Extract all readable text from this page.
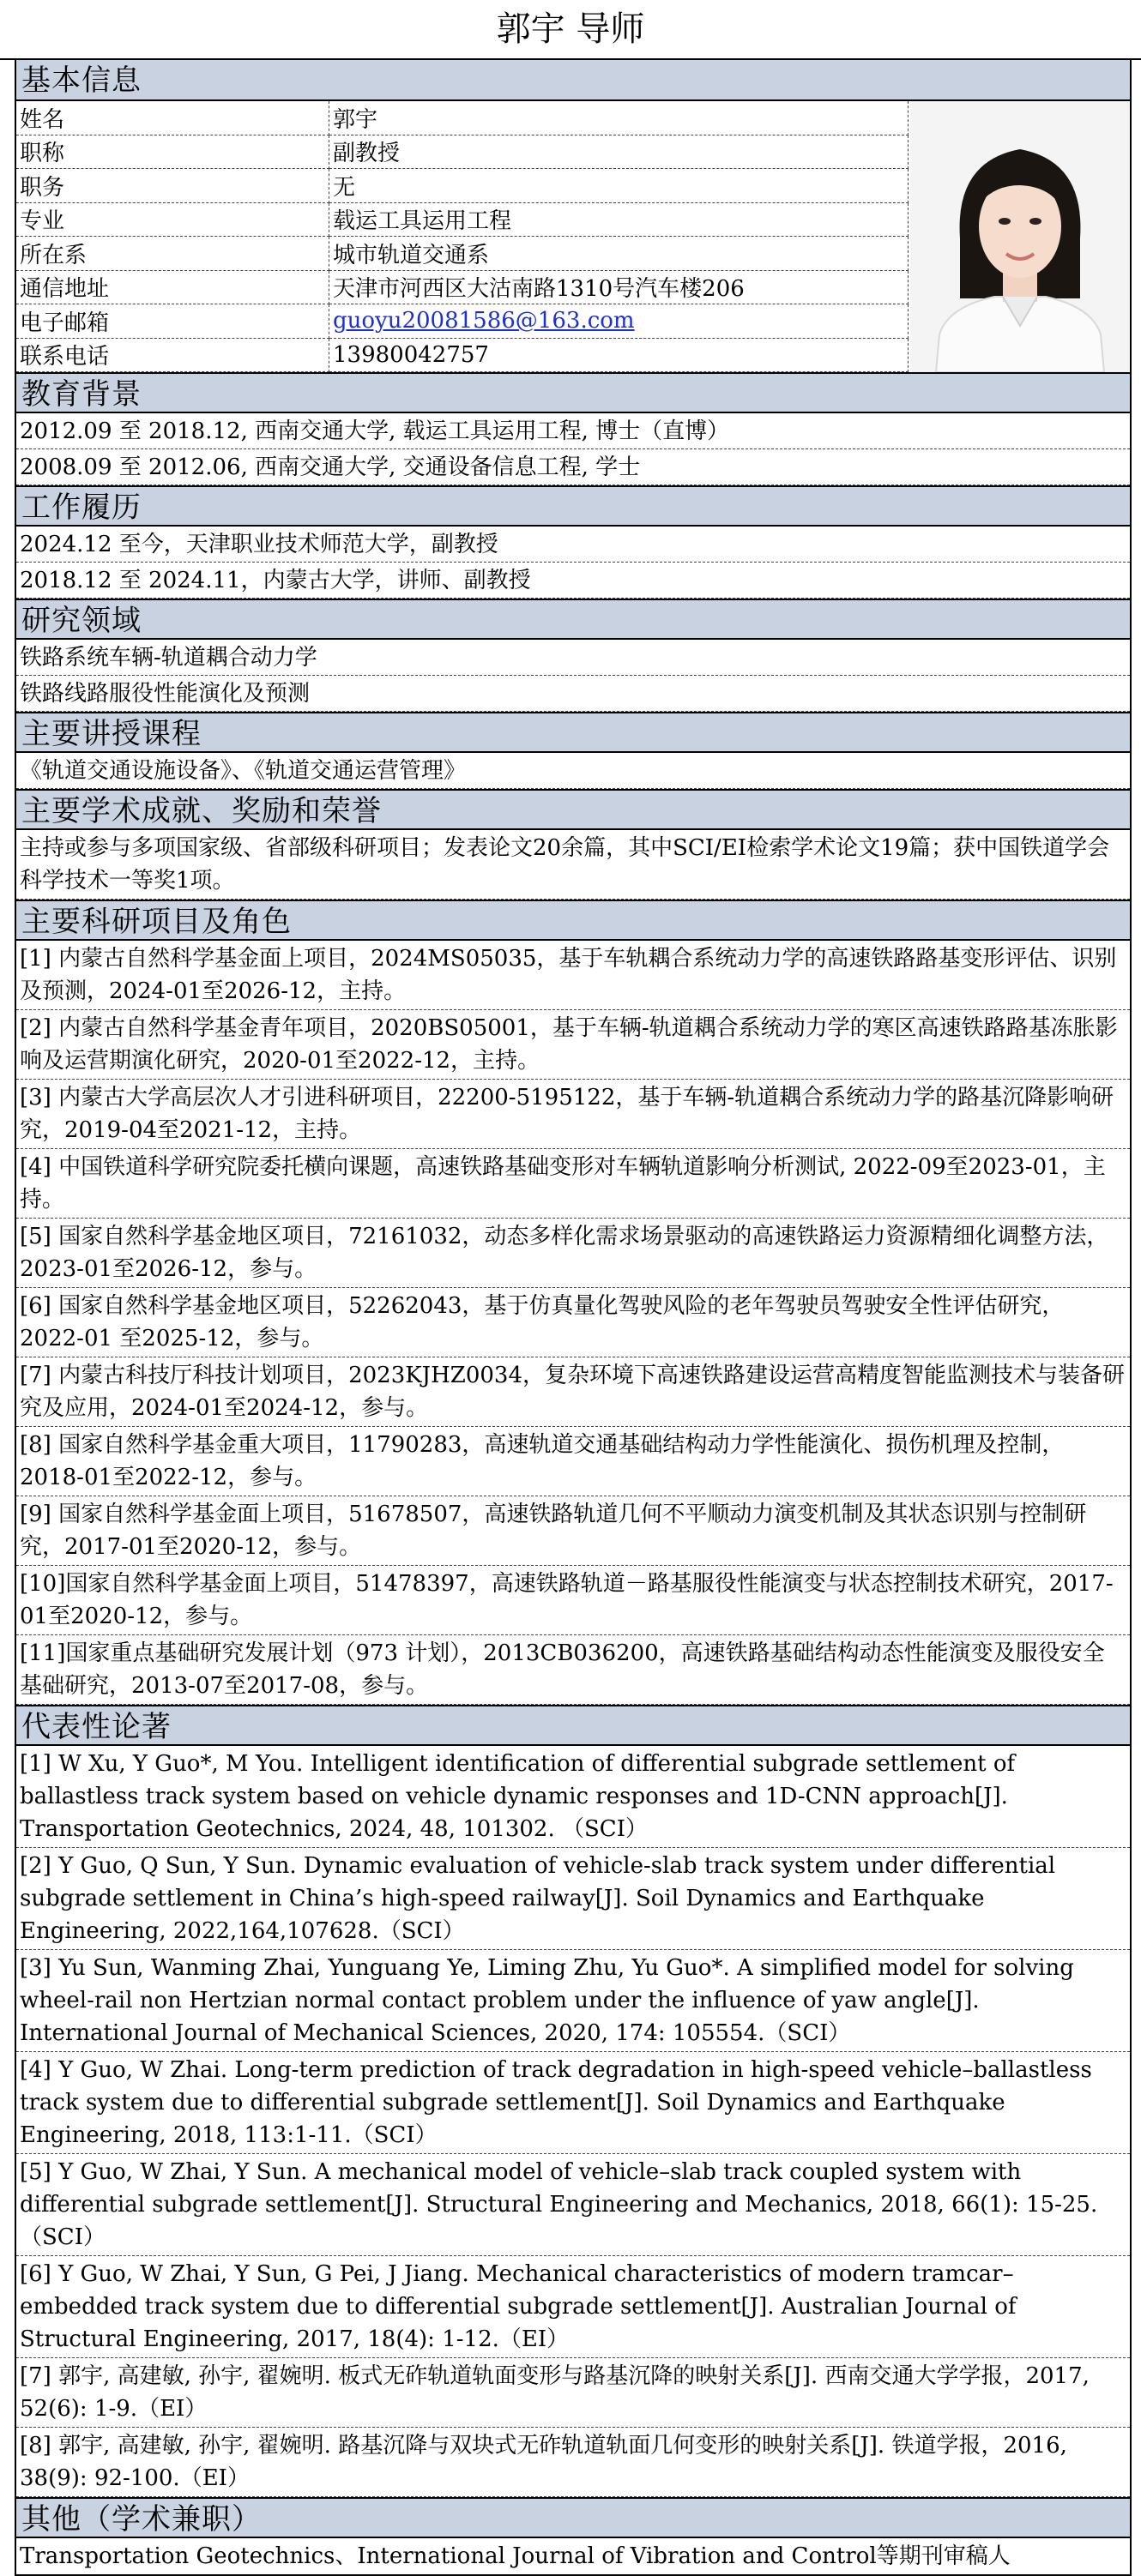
郭宇 导师
基本信息
姓名	郭宇
职称	副教授
职务	无
专业	载运工具运用工程
所在系	城市轨道交通系
通信地址	天津市河西区大沽南路1310号汽车楼206
电子邮箱	guoyu20081586@163.com
联系电话	13980042757
教育背景
2012.09 至 2018.12, 西南交通大学, 载运工具运用工程, 博士（直博）
2008.09 至 2012.06, 西南交通大学, 交通设备信息工程, 学士
工作履历
2024.12 至今，天津职业技术师范大学，副教授
2018.12 至 2024.11，内蒙古大学，讲师、副教授
研究领域
铁路系统车辆-轨道耦合动力学
铁路线路服役性能演化及预测
主要讲授课程
《轨道交通设施设备》、《轨道交通运营管理》
主要学术成就、奖励和荣誉
主持或参与多项国家级、省部级科研项目；发表论文20余篇，其中SCI/EI检索学术论文19篇；获中国铁道学会科学技术一等奖1项。
主要科研项目及角色
[1] 内蒙古自然科学基金面上项目，2024MS05035，基于车轨耦合系统动力学的高速铁路路基变形评估、识别及预测，2024-01至2026-12，主持。
[2] 内蒙古自然科学基金青年项目，2020BS05001，基于车辆-轨道耦合系统动力学的寒区高速铁路路基冻胀影响及运营期演化研究，2020-01至2022-12，主持。
[3] 内蒙古大学高层次人才引进科研项目，22200-5195122，基于车辆-轨道耦合系统动力学的路基沉降影响研究，2019-04至2021-12，主持。
[4] 中国铁道科学研究院委托横向课题，高速铁路基础变形对车辆轨道影响分析测试, 2022-09至2023-01，主持。
[5] 国家自然科学基金地区项目，72161032，动态多样化需求场景驱动的高速铁路运力资源精细化调整方法，2023-01至2026-12，参与。
[6] 国家自然科学基金地区项目，52262043，基于仿真量化驾驶风险的老年驾驶员驾驶安全性评估研究，2022-01 至2025-12，参与。
[7] 内蒙古科技厅科技计划项目，2023KJHZ0034，复杂环境下高速铁路建设运营高精度智能监测技术与装备研究及应用，2024-01至2024-12，参与。
[8] 国家自然科学基金重大项目，11790283，高速轨道交通基础结构动力学性能演化、损伤机理及控制，2018-01至2022-12，参与。
[9] 国家自然科学基金面上项目，51678507，高速铁路轨道几何不平顺动力演变机制及其状态识别与控制研究，2017-01至2020-12，参与。
[10]国家自然科学基金面上项目，51478397，高速铁路轨道－路基服役性能演变与状态控制技术研究，2017-01至2020-12，参与。
[11]国家重点基础研究发展计划（973 计划），2013CB036200，高速铁路基础结构动态性能演变及服役安全基础研究，2013-07至2017-08，参与。
代表性论著
[1] W Xu, Y Guo*, M You. Intelligent identification of differential subgrade settlement of ballastless track system based on vehicle dynamic responses and 1D-CNN approach[J]. Transportation Geotechnics, 2024, 48, 101302. （SCI）
[2] Y Guo, Q Sun, Y Sun. Dynamic evaluation of vehicle-slab track system under differential subgrade settlement in China’s high-speed railway[J]. Soil Dynamics and Earthquake Engineering, 2022,164,107628.（SCI）
[3] Yu Sun, Wanming Zhai, Yunguang Ye, Liming Zhu, Yu Guo*. A simplified model for solving wheel-rail non Hertzian normal contact problem under the influence of yaw angle[J]. International Journal of Mechanical Sciences, 2020, 174: 105554.（SCI）
[4] Y Guo, W Zhai. Long-term prediction of track degradation in high-speed vehicle–ballastless track system due to differential subgrade settlement[J]. Soil Dynamics and Earthquake Engineering, 2018, 113:1-11.（SCI）
[5] Y Guo, W Zhai, Y Sun. A mechanical model of vehicle–slab track coupled system with differential subgrade settlement[J]. Structural Engineering and Mechanics, 2018, 66(1): 15-25.（SCI）
[6] Y Guo, W Zhai, Y Sun, G Pei, J Jiang. Mechanical characteristics of modern tramcar–embedded track system due to differential subgrade settlement[J]. Australian Journal of Structural Engineering, 2017, 18(4): 1-12.（EI）
[7] 郭宇, 高建敏, 孙宇, 翟婉明. 板式无砟轨道轨面变形与路基沉降的映射关系[J]. 西南交通大学学报，2017, 52(6): 1-9.（EI）
[8] 郭宇, 高建敏, 孙宇, 翟婉明. 路基沉降与双块式无砟轨道轨面几何变形的映射关系[J]. 铁道学报，2016, 38(9): 92-100.（EI）
其他（学术兼职）
Transportation Geotechnics、International Journal of Vibration and Control等期刊审稿人
